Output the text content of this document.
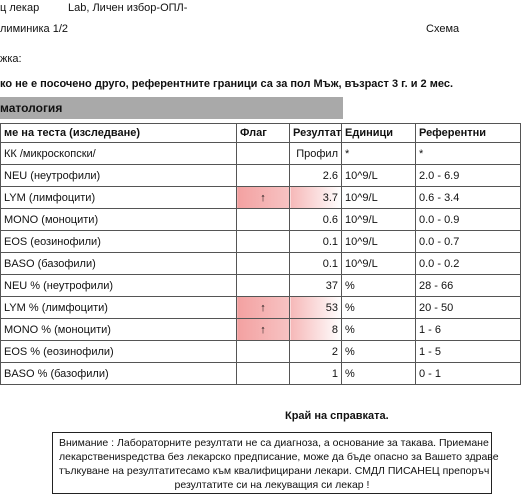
ц лекар	Lab, Личен избор-ОПЛ-
лиминика 1/2	Схема
жка:
ко не е посочено друго, референтните граници са за пол Мъж, възраст 3 г. и 2 мес.
матология
ме на теста (изследване)	Флаг	Резултат	Единици	Референтни
КК /микроскопски/		Профил	*	*
NEU (неутрофили)		2.6	10^9/L	2.0 - 6.9
LYM (лимфоцити)	↑	3.7	10^9/L	0.6 - 3.4
MONO (моноцити)		0.6	10^9/L	0.0 - 0.9
EOS (еозинофили)		0.1	10^9/L	0.0 - 0.7
BASO (базофили)		0.1	10^9/L	0.0 - 0.2
NEU % (неутрофили)		37	%	28 - 66
LYM % (лимфоцити)	↑	53	%	20 - 50
MONO % (моноцити)	↑	8	%	1 - 6
EOS % (еозинофили)		2	%	1 - 5
BASO % (базофили)		1	%	0 - 1
Край на справката.
Внимание : Лабораторните резултати не са диагноза, а основание за такава. Приемане
лекарствениsредства без лекарско предписание, може да бъде опасно за Вашето здраве
тълкуване на резултатитесамо към квалифицирани лекари. СМДЛ ПИСАНЕЦ препоръч
резултатите си на лекуващия си лекар !
